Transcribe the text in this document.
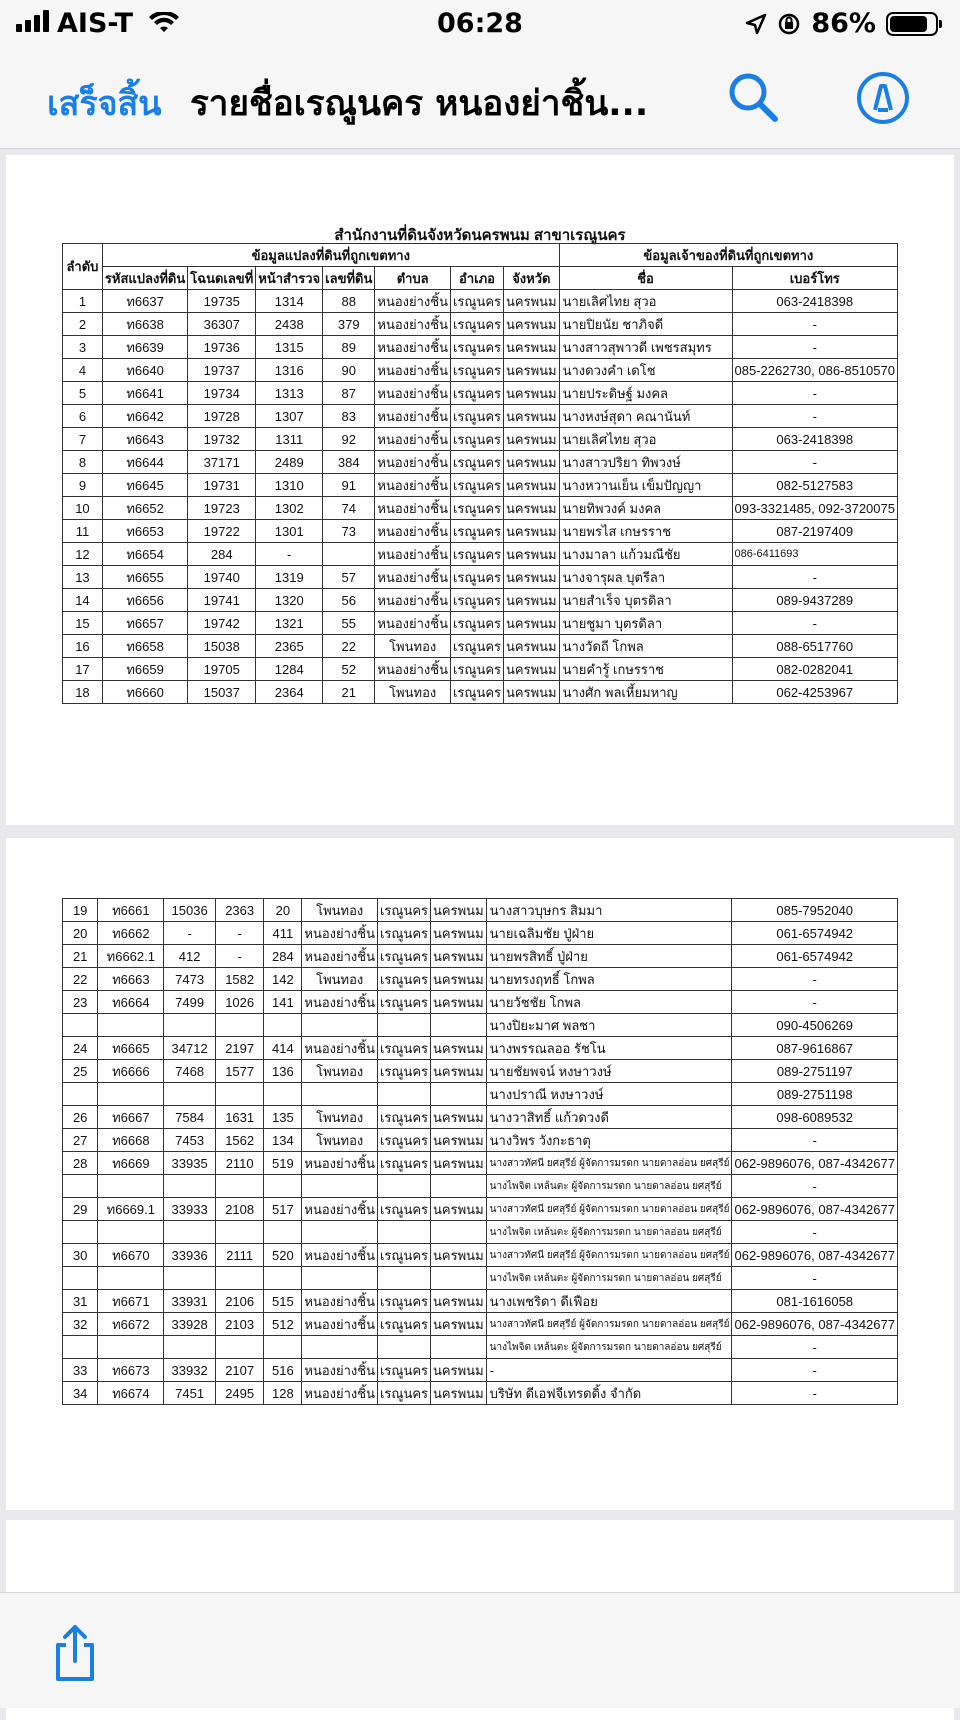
AIS-T	06:28	86%
เสร็จสิ้น รายชื่อเรณูนคร หนองย่าชิ้น...
สำนักงานที่ดินจังหวัดนครพนม สาขาเรณูนคร
ลำดับ	ข้อมูลแปลงที่ดินที่ถูกเขตทาง							ข้อมูลเจ้าของที่ดินที่ถูกเขตทาง	
	รหัสแปลงที่ดิน	โฉนดเลขที่	หน้าสำรวจ	เลขที่ดิน	ตำบล	อำเภอ	จังหวัด	ชื่อ	เบอร์โทร
1	ท6637	19735	1314	88	หนองย่างชิ้น	เรณูนคร	นครพนม	นายเลิศไทย สุวอ	063-2418398
2	ท6638	36307	2438	379	หนองย่างชิ้น	เรณูนคร	นครพนม	นายปิยนัย ชาภิจดี	-
3	ท6639	19736	1315	89	หนองย่างชิ้น	เรณูนคร	นครพนม	นางสาวสุพาวดี เพชรสมุทร	-
4	ท6640	19737	1316	90	หนองย่างชิ้น	เรณูนคร	นครพนม	นางดวงคำ เดโช	085-2262730, 086-8510570
5	ท6641	19734	1313	87	หนองย่างชิ้น	เรณูนคร	นครพนม	นายประดิษฐ์ มงคล	-
6	ท6642	19728	1307	83	หนองย่างชิ้น	เรณูนคร	นครพนม	นางหงษ์สุดา คณานันท์	-
7	ท6643	19732	1311	92	หนองย่างชิ้น	เรณูนคร	นครพนม	นายเลิศไทย สุวอ	063-2418398
8	ท6644	37171	2489	384	หนองย่างชิ้น	เรณูนคร	นครพนม	นางสาวปริยา ทิพวงษ์	-
9	ท6645	19731	1310	91	หนองย่างชิ้น	เรณูนคร	นครพนม	นางหวานเย็น เข็มปัญญา	082-5127583
10	ท6652	19723	1302	74	หนองย่างชิ้น	เรณูนคร	นครพนม	นายทิพวงค์ มงคล	093-3321485, 092-3720075
11	ท6653	19722	1301	73	หนองย่างชิ้น	เรณูนคร	นครพนม	นายพรไส เกษรราช	087-2197409
12	ท6654	284	-		หนองย่างชิ้น	เรณูนคร	นครพนม	นางมาลา แก้วมณีชัย	086-6411693
13	ท6655	19740	1319	57	หนองย่างชิ้น	เรณูนคร	นครพนม	นางจารุผล บุตรีลา	-
14	ท6656	19741	1320	56	หนองย่างชิ้น	เรณูนคร	นครพนม	นายสำเร็จ บุตรดิลา	089-9437289
15	ท6657	19742	1321	55	หนองย่างชิ้น	เรณูนคร	นครพนม	นายชูมา บุตรดิลา	-
16	ท6658	15038	2365	22	โพนทอง	เรณูนคร	นครพนม	นางวัดถี โกพล	088-6517760
17	ท6659	19705	1284	52	หนองย่างชิ้น	เรณูนคร	นครพนม	นายคำรู้ เกษรราช	082-0282041
18	ท6660	15037	2364	21	โพนทอง	เรณูนคร	นครพนม	นางศัก พลเหี้ยมหาญ	062-4253967
19	ท6661	15036	2363	20	โพนทอง	เรณูนคร	นครพนม	นางสาวบุษกร สิมมา	085-7952040
20	ท6662	-	-	411	หนองย่างชิ้น	เรณูนคร	นครพนม	นายเฉลิมชัย ปู่ฝ่าย	061-6574942
21	ท6662.1	412	-	284	หนองย่างชิ้น	เรณูนคร	นครพนม	นายพรสิทธิ์ ปู่ฝ่าย	061-6574942
22	ท6663	7473	1582	142	โพนทอง	เรณูนคร	นครพนม	นายทรงฤทธิ์ โกพล	-
23	ท6664	7499	1026	141	หนองย่างชิ้น	เรณูนคร	นครพนม	นายวัชชัย โกพล	-
								นางปิยะมาศ พลชา	090-4506269
24	ท6665	34712	2197	414	หนองย่างชิ้น	เรณูนคร	นครพนม	นางพรรณลออ รัชโน	087-9616867
25	ท6666	7468	1577	136	โพนทอง	เรณูนคร	นครพนม	นายชัยพจน์ หงษาวงษ์	089-2751197
								นางปราณี หงษาวงษ์	089-2751198
26	ท6667	7584	1631	135	โพนทอง	เรณูนคร	นครพนม	นางวาสิทธิ์ แก้วดวงดี	098-6089532
27	ท6668	7453	1562	134	โพนทอง	เรณูนคร	นครพนม	นางวิพร วังกะธาตุ	-
28	ท6669	33935	2110	519	หนองย่างชิ้น	เรณูนคร	นครพนม	นางสาวทัศนี ยศสุรีย์ ผู้จัดการมรดก นายดาลอ่อน ยศสุรีย์	062-9896076, 087-4342677
								นางไพจิต เหล้นตะ ผู้จัดการมรดก นายดาลอ่อน ยศสุรีย์	-
29	ท6669.1	33933	2108	517	หนองย่างชิ้น	เรณูนคร	นครพนม	นางสาวทัศนี ยศสุรีย์ ผู้จัดการมรดก นายดาลอ่อน ยศสุรีย์	062-9896076, 087-4342677
								นางไพจิต เหล้นตะ ผู้จัดการมรดก นายดาลอ่อน ยศสุรีย์	-
30	ท6670	33936	2111	520	หนองย่างชิ้น	เรณูนคร	นครพนม	นางสาวทัศนี ยศสุรีย์ ผู้จัดการมรดก นายดาลอ่อน ยศสุรีย์	062-9896076, 087-4342677
								นางไพจิต เหล้นตะ ผู้จัดการมรดก นายดาลอ่อน ยศสุรีย์	-
31	ท6671	33931	2106	515	หนองย่างชิ้น	เรณูนคร	นครพนม	นางเพชริดา ดีเฟือย	081-1616058
32	ท6672	33928	2103	512	หนองย่างชิ้น	เรณูนคร	นครพนม	นางสาวทัศนี ยศสุรีย์ ผู้จัดการมรดก นายดาลอ่อน ยศสุรีย์	062-9896076, 087-4342677
								นางไพจิต เหล้นตะ ผู้จัดการมรดก นายดาลอ่อน ยศสุรีย์	-
33	ท6673	33932	2107	516	หนองย่างชิ้น	เรณูนคร	นครพนม	-	-
34	ท6674	7451	2495	128	หนองย่างชิ้น	เรณูนคร	นครพนม	บริษัท ดีเอฟจีเทรดดิ้ง จำกัด	-
